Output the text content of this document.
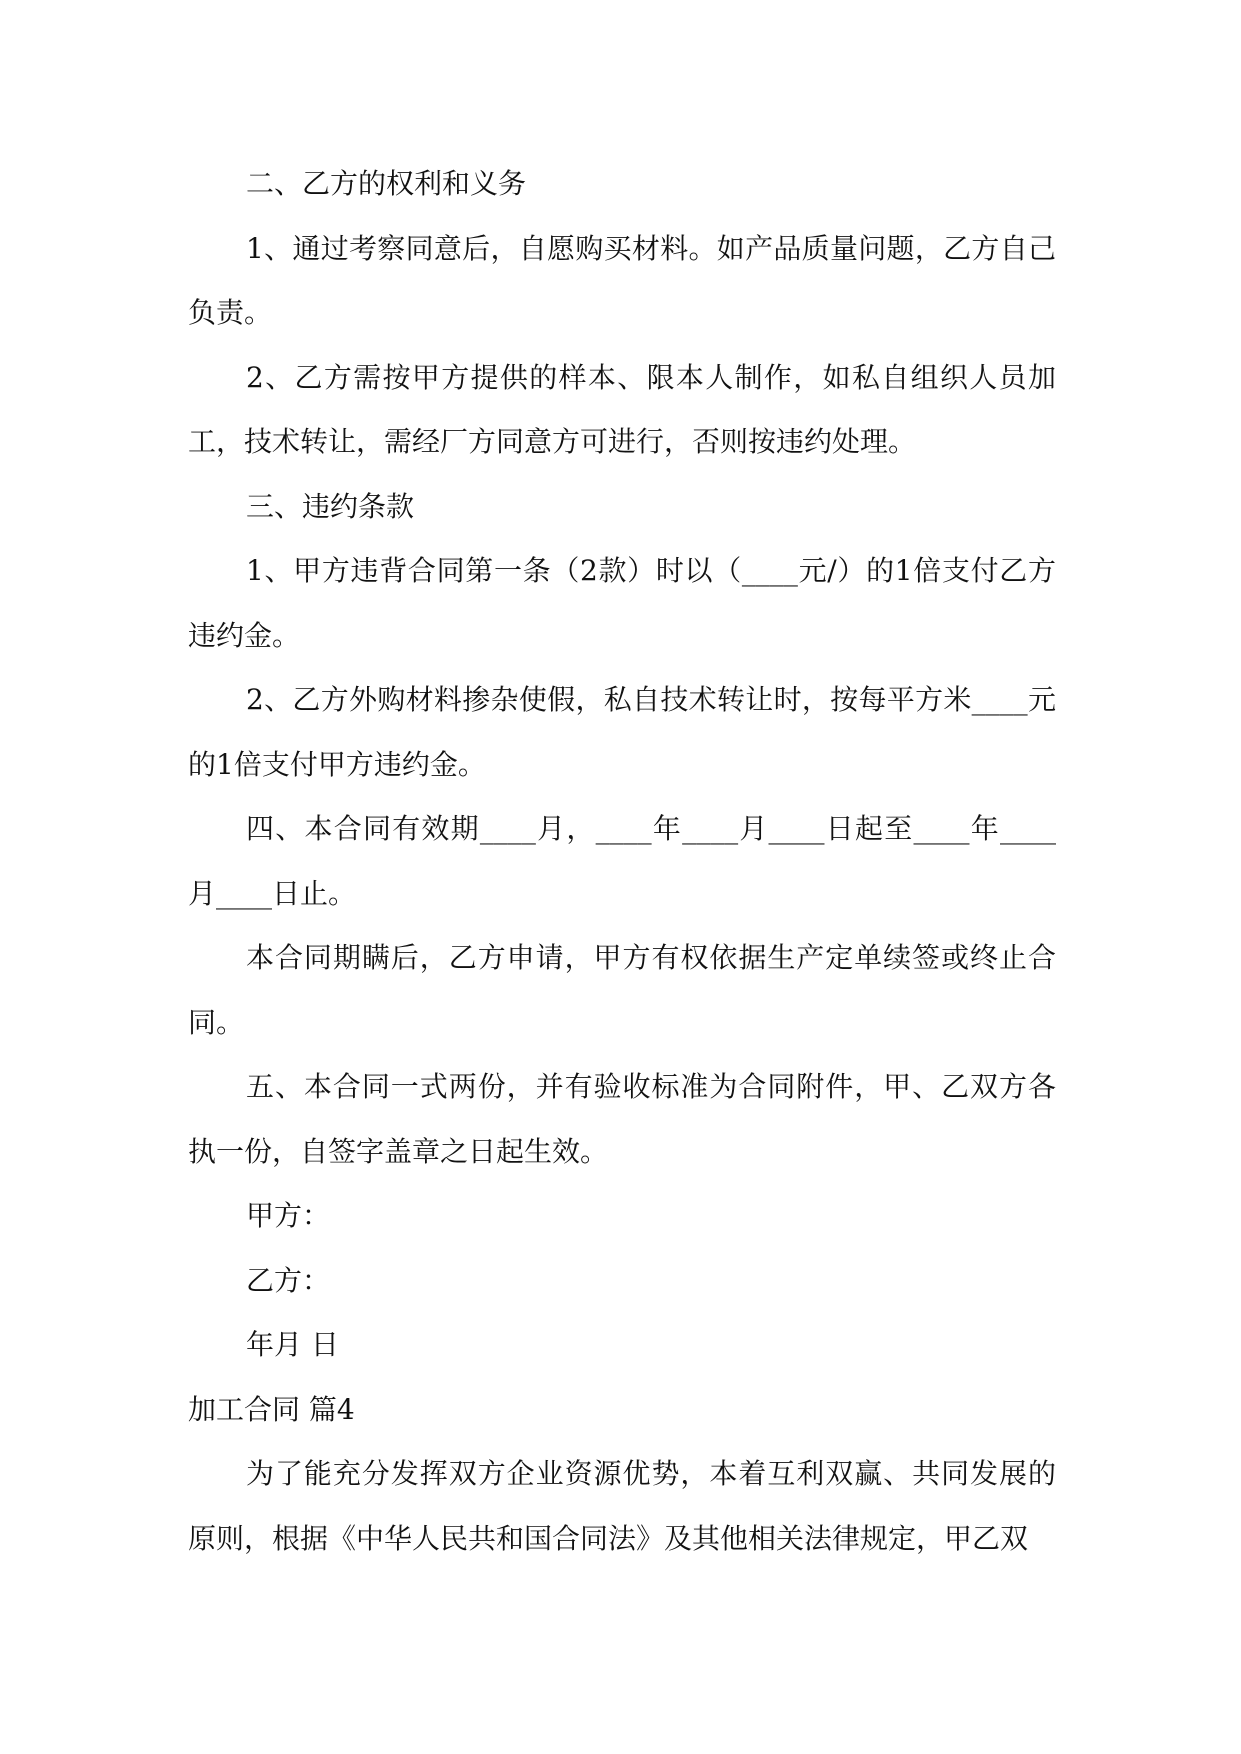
二、乙方的权利和义务

1、通过考察同意后，自愿购买材料。如产品质量问题，乙方自己负责。

2、乙方需按甲方提供的样本、限本人制作，如私自组织人员加工，技术转让，需经厂方同意方可进行，否则按违约处理。

三、违约条款

1、甲方违背合同第一条（2款）时以（____元/）的1倍支付乙方违约金。

2、乙方外购材料掺杂使假，私自技术转让时，按每平方米____元的1倍支付甲方违约金。

四、本合同有效期____月，____年____月____日起至____年____月____日止。

本合同期瞒后，乙方申请，甲方有权依据生产定单续签或终止合同。

五、本合同一式两份，并有验收标准为合同附件，甲、乙双方各执一份，自签字盖章之日起生效。

甲方：

乙方：

年月 日

加工合同 篇4

为了能充分发挥双方企业资源优势，本着互利双赢、共同发展的原则，根据《中华人民共和国合同法》及其他相关法律规定，甲乙双
